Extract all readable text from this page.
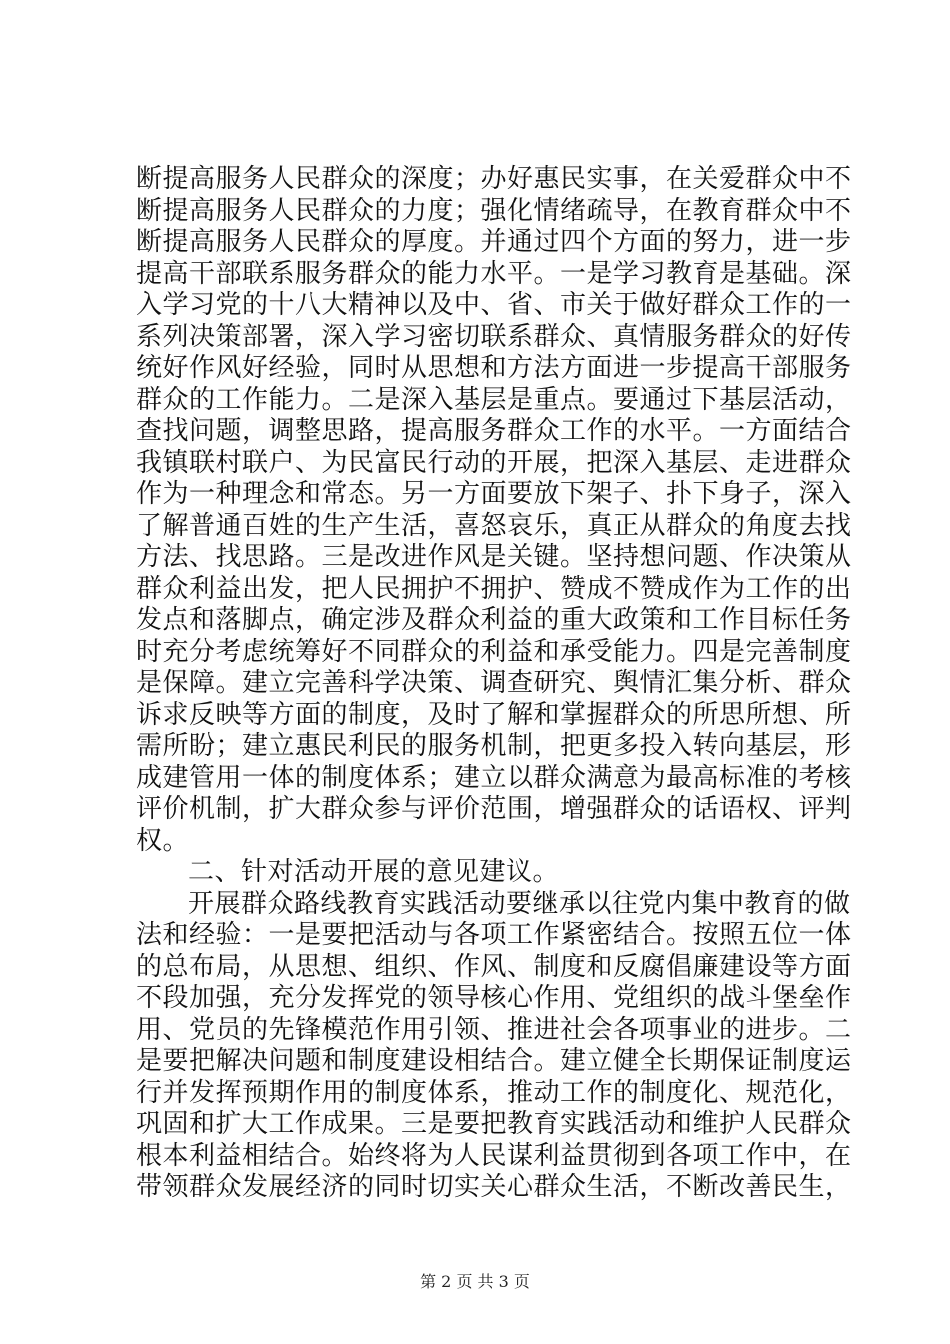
断提高服务人民群众的深度；办好惠民实事，在关爱群众中不
断提高服务人民群众的力度；强化情绪疏导，在教育群众中不
断提高服务人民群众的厚度。并通过四个方面的努力，进一步
提高干部联系服务群众的能力水平。一是学习教育是基础。深
入学习党的十八大精神以及中、省、市关于做好群众工作的一
系列决策部署，深入学习密切联系群众、真情服务群众的好传
统好作风好经验，同时从思想和方法方面进一步提高干部服务
群众的工作能力。二是深入基层是重点。要通过下基层活动，
查找问题，调整思路，提高服务群众工作的水平。一方面结合
我镇联村联户、为民富民行动的开展，把深入基层、走进群众
作为一种理念和常态。另一方面要放下架子、扑下身子，深入
了解普通百姓的生产生活，喜怒哀乐，真正从群众的角度去找
方法、找思路。三是改进作风是关键。坚持想问题、作决策从
群众利益出发，把人民拥护不拥护、赞成不赞成作为工作的出
发点和落脚点，确定涉及群众利益的重大政策和工作目标任务
时充分考虑统筹好不同群众的利益和承受能力。四是完善制度
是保障。建立完善科学决策、调查研究、舆情汇集分析、群众
诉求反映等方面的制度，及时了解和掌握群众的所思所想、所
需所盼；建立惠民利民的服务机制，把更多投入转向基层，形
成建管用一体的制度体系；建立以群众满意为最高标准的考核
评价机制，扩大群众参与评价范围，增强群众的话语权、评判
权。
二、针对活动开展的意见建议。
开展群众路线教育实践活动要继承以往党内集中教育的做
法和经验：一是要把活动与各项工作紧密结合。按照五位一体
的总布局，从思想、组织、作风、制度和反腐倡廉建设等方面
不段加强，充分发挥党的领导核心作用、党组织的战斗堡垒作
用、党员的先锋模范作用引领、推进社会各项事业的进步。二
是要把解决问题和制度建设相结合。建立健全长期保证制度运
行并发挥预期作用的制度体系，推动工作的制度化、规范化，
巩固和扩大工作成果。三是要把教育实践活动和维护人民群众
根本利益相结合。始终将为人民谋利益贯彻到各项工作中，在
带领群众发展经济的同时切实关心群众生活，不断改善民生，
第 2 页 共 3 页
